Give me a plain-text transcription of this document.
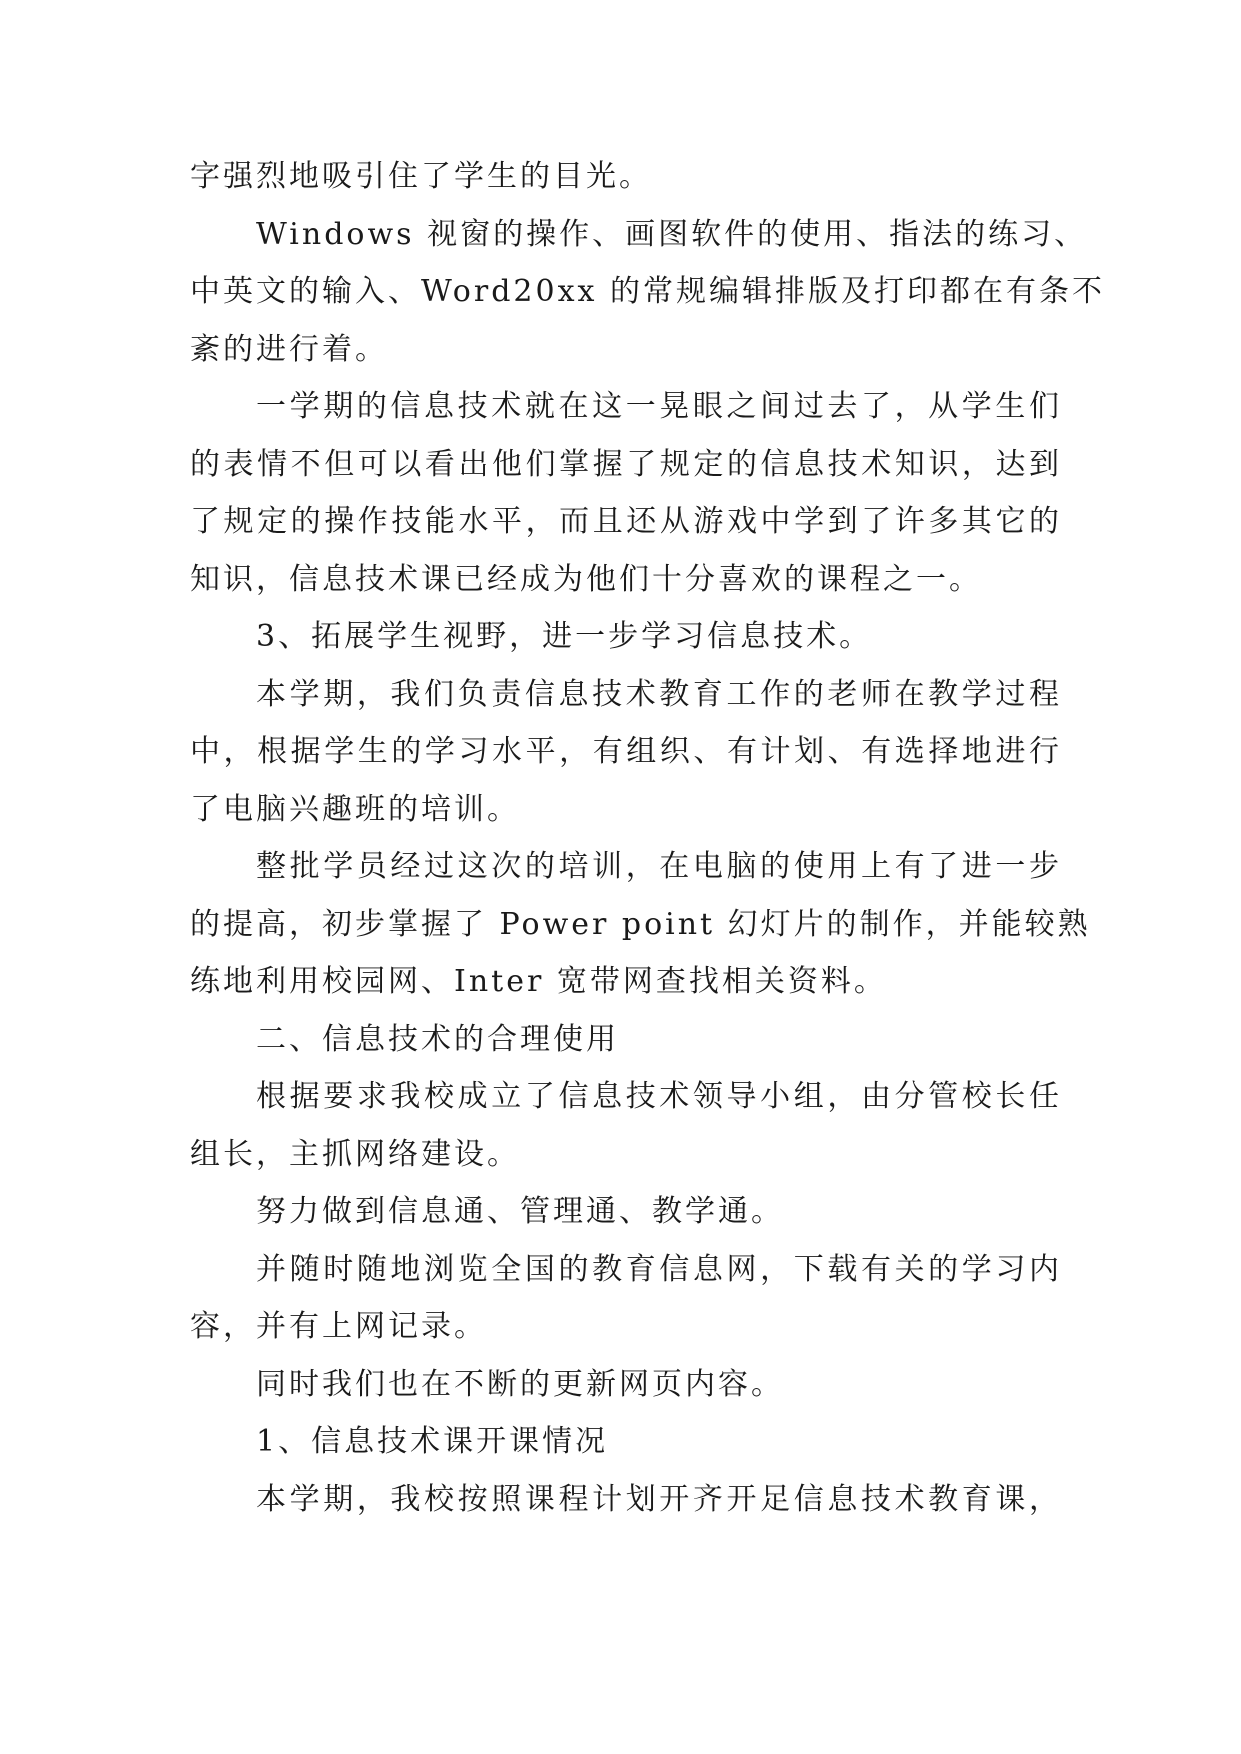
字强烈地吸引住了学生的目光。

Windows 视窗的操作、画图软件的使用、指法的练习、
中英文的输入、Word20xx 的常规编辑排版及打印都在有条不
紊的进行着。

一学期的信息技术就在这一晃眼之间过去了，从学生们
的表情不但可以看出他们掌握了规定的信息技术知识，达到
了规定的操作技能水平，而且还从游戏中学到了许多其它的
知识，信息技术课已经成为他们十分喜欢的课程之一。

3、拓展学生视野，进一步学习信息技术。

本学期，我们负责信息技术教育工作的老师在教学过程
中，根据学生的学习水平，有组织、有计划、有选择地进行
了电脑兴趣班的培训。

整批学员经过这次的培训，在电脑的使用上有了进一步
的提高，初步掌握了 Power point 幻灯片的制作，并能较熟
练地利用校园网、Inter 宽带网查找相关资料。

二、信息技术的合理使用

根据要求我校成立了信息技术领导小组，由分管校长任
组长，主抓网络建设。

努力做到信息通、管理通、教学通。

并随时随地浏览全国的教育信息网，下载有关的学习内
容，并有上网记录。

同时我们也在不断的更新网页内容。

1、信息技术课开课情况

本学期，我校按照课程计划开齐开足信息技术教育课，
